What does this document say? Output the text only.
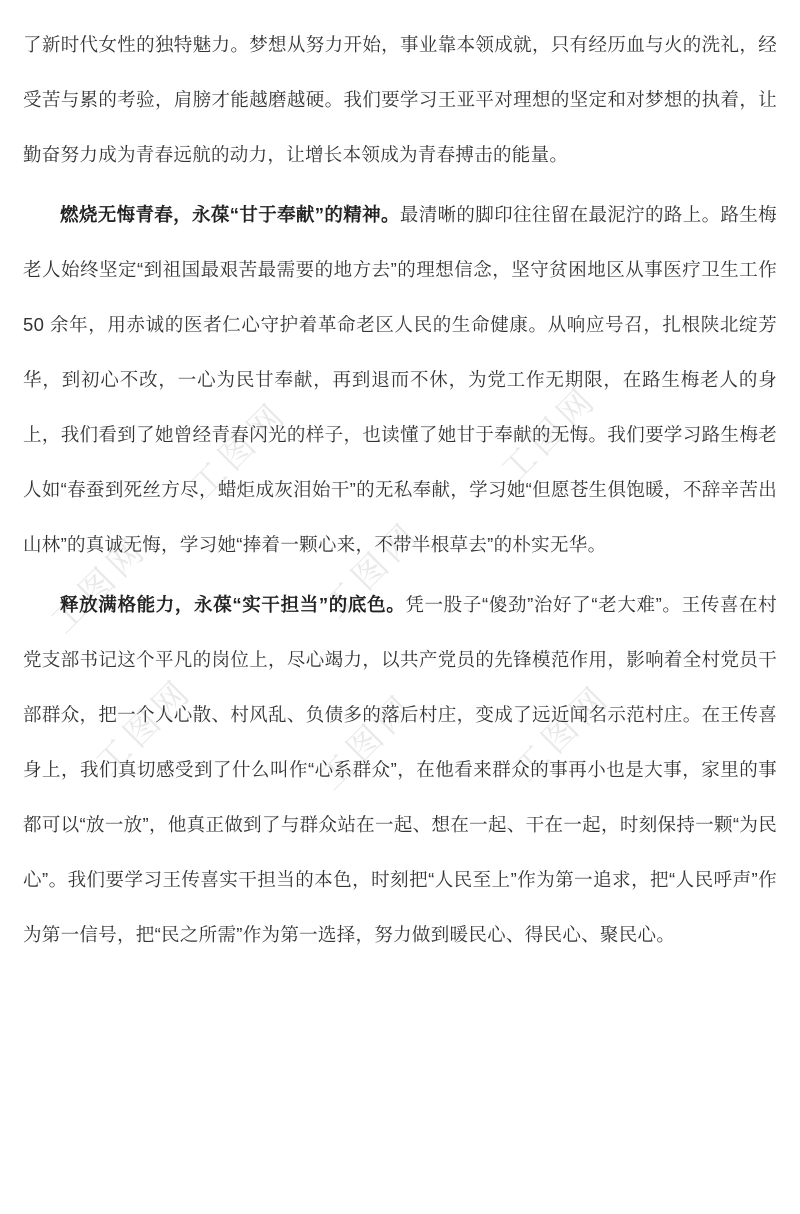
工图网	工图网
工图网
工图网
工图网	工图网 工图网

了新时代女性的独特魅力。梦想从努力开始，事业靠本领成就，只有经历血与火的洗礼，经受苦与累的考验，肩膀才能越磨越硬。我们要学习王亚平对理想的坚定和对梦想的执着，让勤奋努力成为青春远航的动力，让增长本领成为青春搏击的能量。

燃烧无悔青春，永葆“甘于奉献”的精神。最清晰的脚印往往留在最泥泞的路上。路生梅老人始终坚定“到祖国最艰苦最需要的地方去”的理想信念，坚守贫困地区从事医疗卫生工作 50 余年，用赤诚的医者仁心守护着革命老区人民的生命健康。从响应号召，扎根陕北绽芳华，到初心不改，一心为民甘奉献，再到退而不休，为党工作无期限，在路生梅老人的身上，我们看到了她曾经青春闪光的样子，也读懂了她甘于奉献的无悔。我们要学习路生梅老人如“春蚕到死丝方尽，蜡炬成灰泪始干”的无私奉献，学习她“但愿苍生俱饱暖，不辞辛苦出山林”的真诚无悔，学习她“捧着一颗心来，不带半根草去”的朴实无华。

释放满格能力，永葆“实干担当”的底色。凭一股子“傻劲”治好了“老大难”。王传喜在村党支部书记这个平凡的岗位上，尽心竭力，以共产党员的先锋模范作用，影响着全村党员干部群众，把一个人心散、村风乱、负债多的落后村庄，变成了远近闻名示范村庄。在王传喜身上，我们真切感受到了什么叫作“心系群众”，在他看来群众的事再小也是大事，家里的事都可以“放一放”，他真正做到了与群众站在一起、想在一起、干在一起，时刻保持一颗“为民心”。我们要学习王传喜实干担当的本色，时刻把“人民至上”作为第一追求，把“人民呼声”作为第一信号，把“民之所需”作为第一选择，努力做到暖民心、得民心、聚民心。
